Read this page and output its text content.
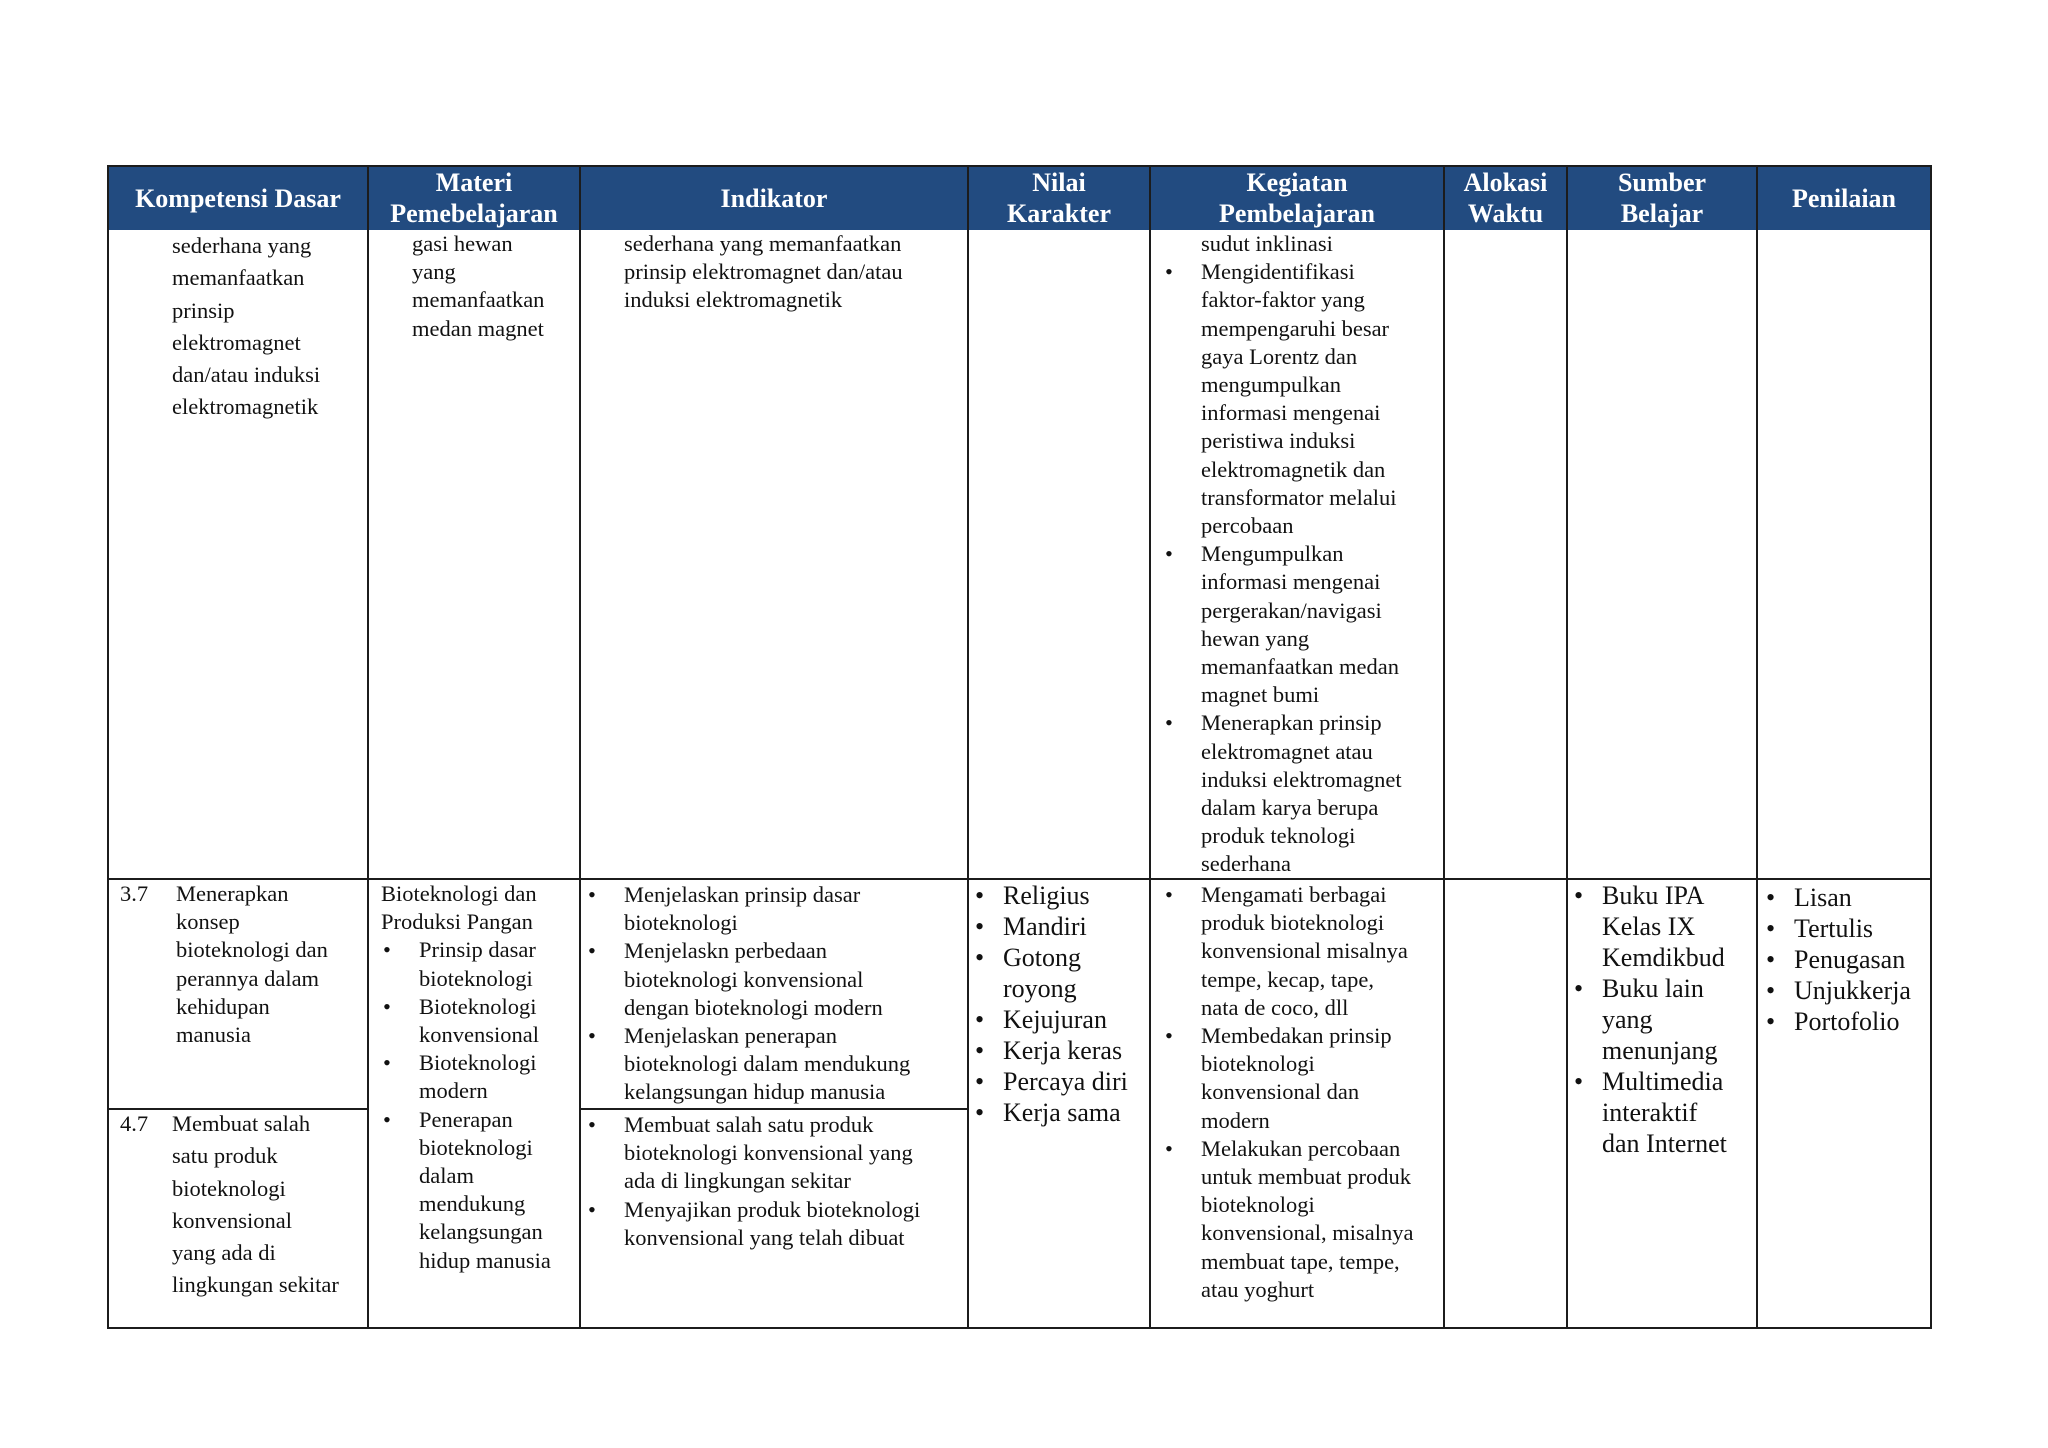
Kompetensi Dasar
Materi
Pemebelajaran
Indikator
Nilai
Karakter
Kegiatan
Pembelajaran
Alokasi
Waktu
Sumber
Belajar
Penilaian
sederhana yang
memanfaatkan
prinsip
elektromagnet
dan/atau induksi
elektromagnetik
gasi hewan
yang
memanfaatkan
medan magnet
sederhana yang memanfaatkan
prinsip elektromagnet dan/atau
induksi elektromagnetik
sudut inklinasi
• Mengidentifikasi
faktor-faktor yang
mempengaruhi besar
gaya Lorentz dan
mengumpulkan
informasi mengenai
peristiwa induksi
elektromagnetik dan
transformator melalui
percobaan
• Mengumpulkan
informasi mengenai
pergerakan/navigasi
hewan yang
memanfaatkan medan
magnet bumi
• Menerapkan prinsip
elektromagnet atau
induksi elektromagnet
dalam karya berupa
produk teknologi
sederhana
3.7 Menerapkan
konsep
bioteknologi dan
perannya dalam
kehidupan
manusia
4.7 Membuat salah
satu produk
bioteknologi
konvensional
yang ada di
lingkungan sekitar
Bioteknologi dan
Produksi Pangan
• Prinsip dasar
bioteknologi
• Bioteknologi
konvensional
• Bioteknologi
modern
• Penerapan
bioteknologi
dalam
mendukung
kelangsungan
hidup manusia
• Menjelaskan prinsip dasar
bioteknologi
• Menjelaskn perbedaan
bioteknologi konvensional
dengan bioteknologi modern
• Menjelaskan penerapan
bioteknologi dalam mendukung
kelangsungan hidup manusia
• Membuat salah satu produk
bioteknologi konvensional yang
ada di lingkungan sekitar
• Menyajikan produk bioteknologi
konvensional yang telah dibuat
• Religius
• Mandiri
• Gotong
royong
• Kejujuran
• Kerja keras
• Percaya diri
• Kerja sama
• Mengamati berbagai
produk bioteknologi
konvensional misalnya
tempe, kecap, tape,
nata de coco, dll
• Membedakan prinsip
bioteknologi
konvensional dan
modern
• Melakukan percobaan
untuk membuat produk
bioteknologi
konvensional, misalnya
membuat tape, tempe,
atau yoghurt
• Buku IPA
Kelas IX
Kemdikbud
• Buku lain
yang
menunjang
• Multimedia
interaktif
dan Internet
• Lisan
• Tertulis
• Penugasan
• Unjukkerja
• Portofolio
